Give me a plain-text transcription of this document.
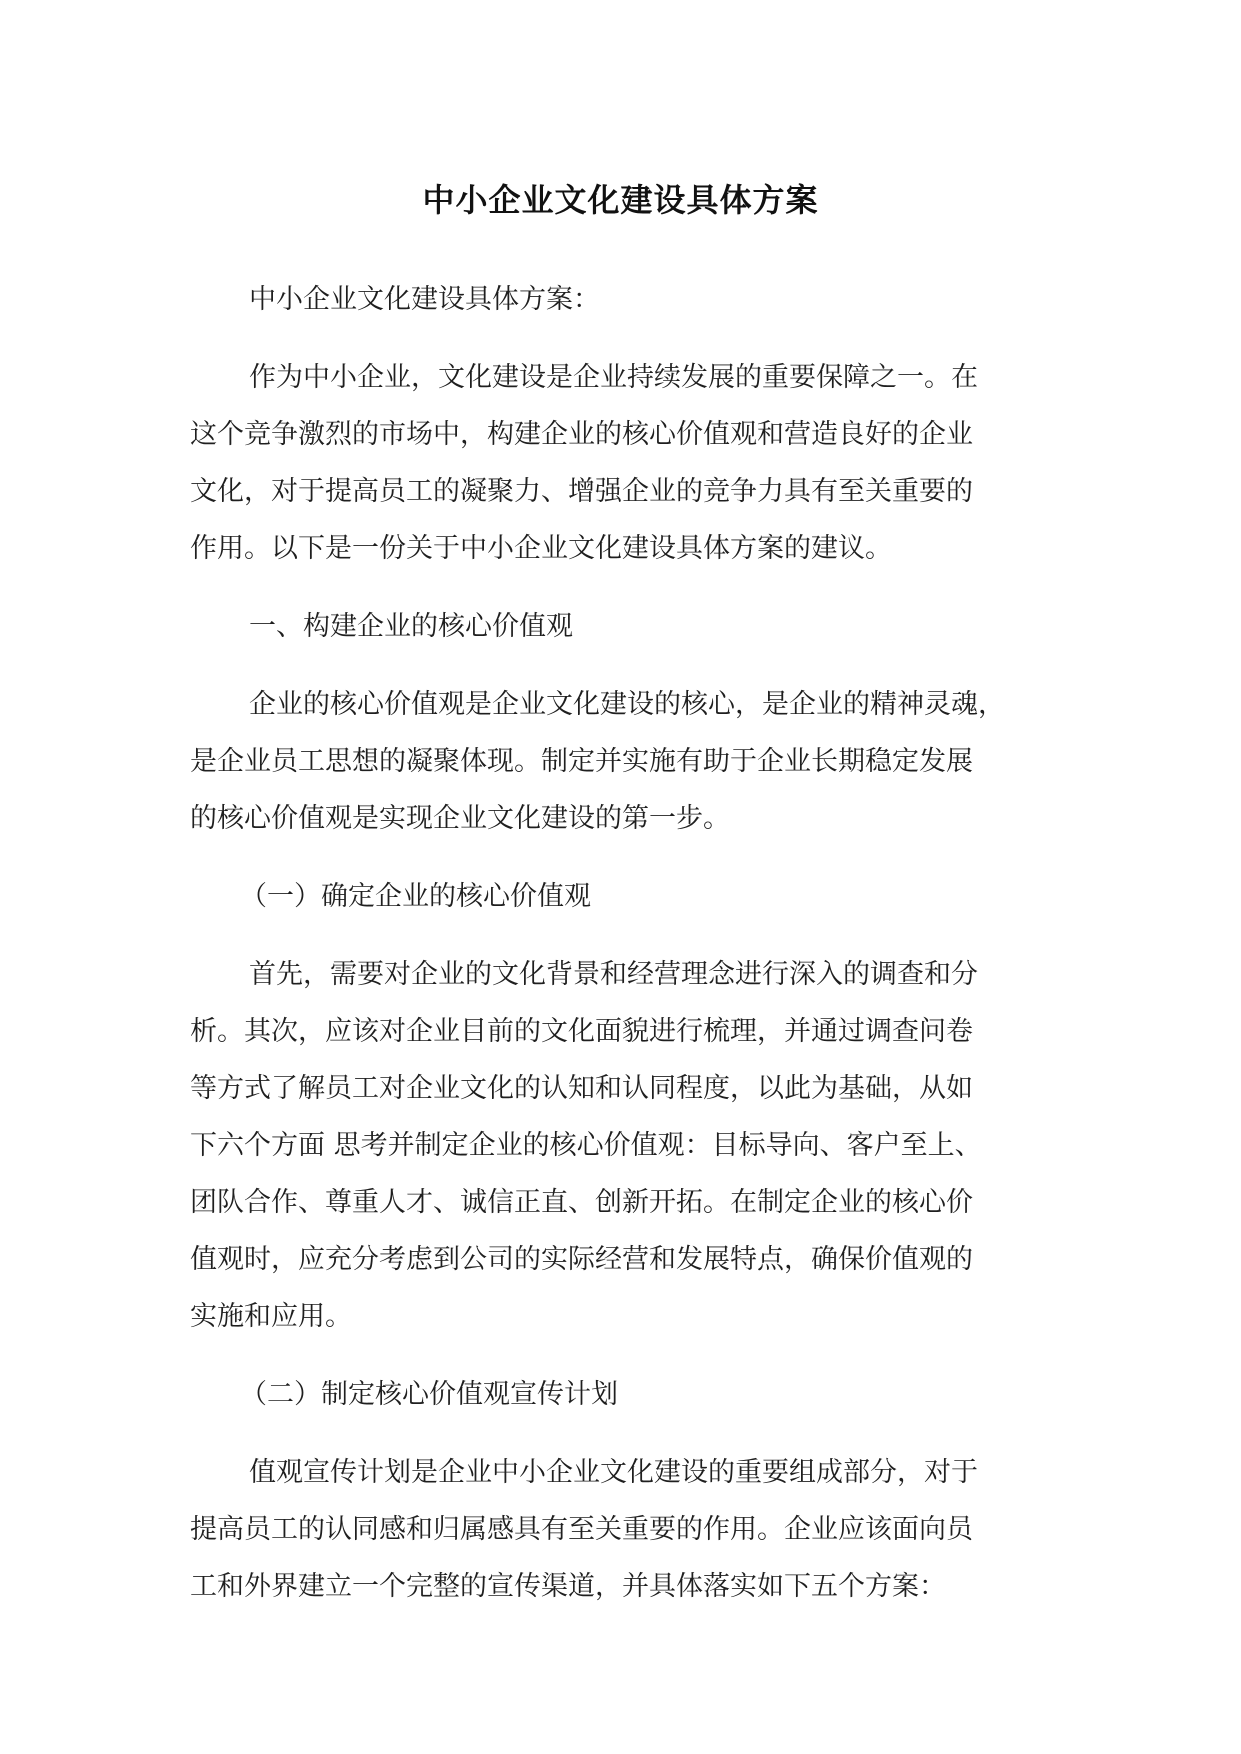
中小企业文化建设具体方案
中小企业文化建设具体方案：
作为中小企业，文化建设是企业持续发展的重要保障之一。在
这个竞争激烈的市场中，构建企业的核心价值观和营造良好的企业
文化，对于提高员工的凝聚力、增强企业的竞争力具有至关重要的
作用。以下是一份关于中小企业文化建设具体方案的建议。
一、构建企业的核心价值观
企业的核心价值观是企业文化建设的核心，是企业的精神灵魂，
是企业员工思想的凝聚体现。制定并实施有助于企业长期稳定发展
的核心价值观是实现企业文化建设的第一步。
（一）确定企业的核心价值观
首先，需要对企业的文化背景和经营理念进行深入的调查和分
析。其次，应该对企业目前的文化面貌进行梳理，并通过调查问卷
等方式了解员工对企业文化的认知和认同程度，以此为基础，从如
下六个方面 思考并制定企业的核心价值观：目标导向、客户至上、
团队合作、尊重人才、诚信正直、创新开拓。在制定企业的核心价
值观时，应充分考虑到公司的实际经营和发展特点，确保价值观的
实施和应用。
（二）制定核心价值观宣传计划
值观宣传计划是企业中小企业文化建设的重要组成部分，对于
提高员工的认同感和归属感具有至关重要的作用。企业应该面向员
工和外界建立一个完整的宣传渠道，并具体落实如下五个方案：
